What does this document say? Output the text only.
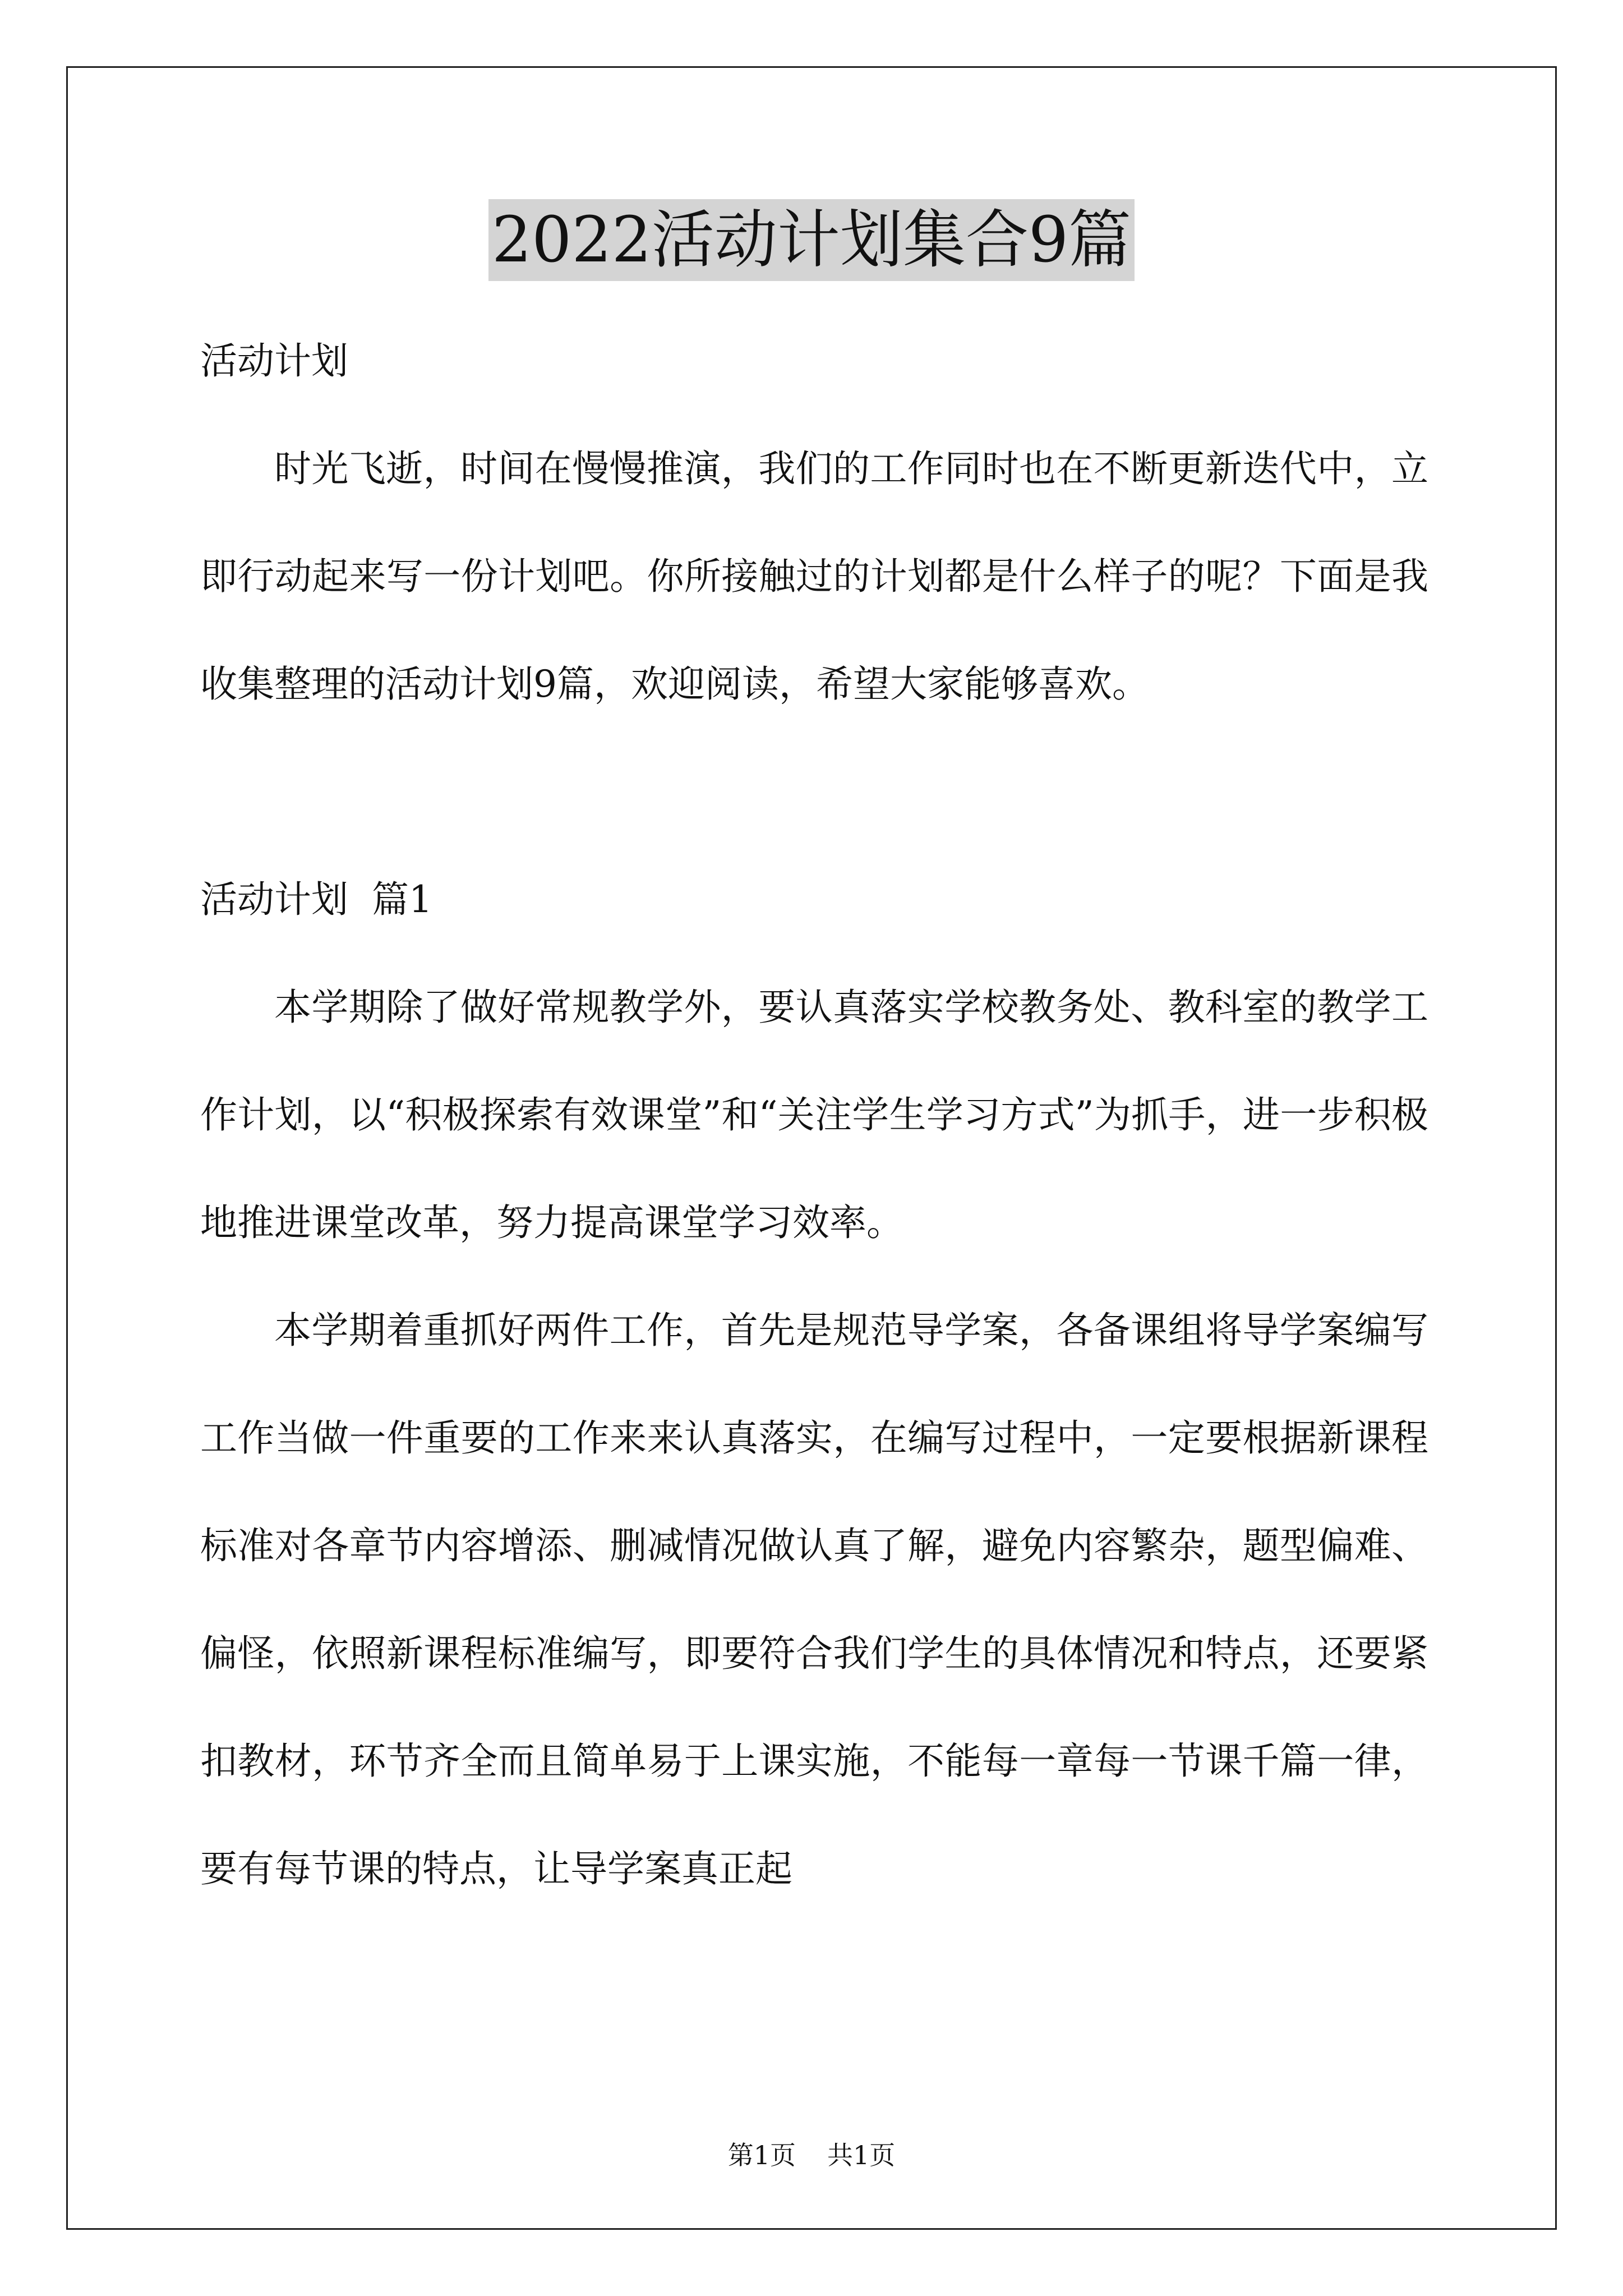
2022活动计划集合9篇

活动计划

时光飞逝，时间在慢慢推演，我们的工作同时也在不断更新迭代中，立即行动起来写一份计划吧。你所接触过的计划都是什么样子的呢？下面是我收集整理的活动计划9篇，欢迎阅读，希望大家能够喜欢。

活动计划  篇1

本学期除了做好常规教学外，要认真落实学校教务处、教科室的教学工作计划，以“积极探索有效课堂”和“关注学生学习方式”为抓手，进一步积极地推进课堂改革，努力提高课堂学习效率。

本学期着重抓好两件工作，首先是规范导学案，各备课组将导学案编写工作当做一件重要的工作来来认真落实，在编写过程中，一定要根据新课程标准对各章节内容增添、删减情况做认真了解，避免内容繁杂，题型偏难、偏怪，依照新课程标准编写，即要符合我们学生的具体情况和特点，还要紧扣教材，环节齐全而且简单易于上课实施，不能每一章每一节课千篇一律，要有每节课的特点，让导学案真正起

第1页 共1页
